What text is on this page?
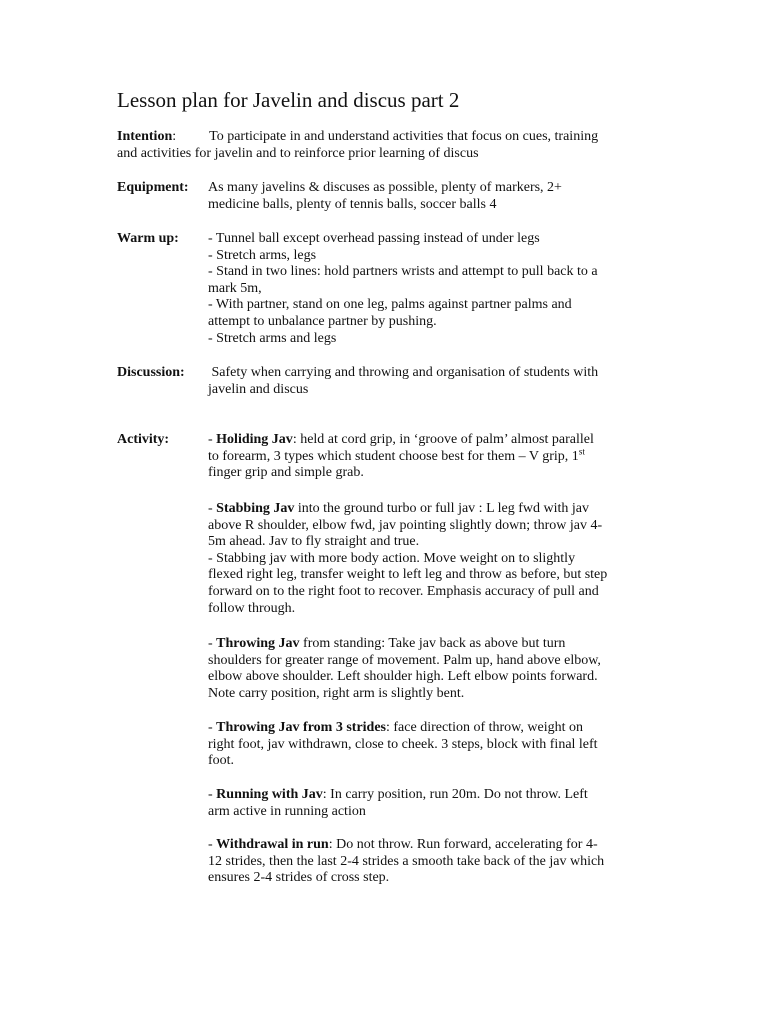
Lesson plan for Javelin and discus part 2
Intention: To participate in and understand activities that focus on cues, training
and activities for javelin and to reinforce prior learning of discus
Equipment: As many javelins & discuses as possible, plenty of markers, 2+
medicine balls, plenty of tennis balls, soccer balls 4
Warm up: - Tunnel ball except overhead passing instead of under legs
- Stretch arms, legs
- Stand in two lines: hold partners wrists and attempt to pull back to a
mark 5m,
- With partner, stand on one leg, palms against partner palms and
attempt to unbalance partner by pushing.
- Stretch arms and legs
Discussion: Safety when carrying and throwing and organisation of students with
javelin and discus
Activity:	- Holiding Jav: held at cord grip, in ‘groove of palm’ almost parallel
to forearm, 3 types which student choose best for them – V grip, 1st
finger grip and simple grab.
- Stabbing Jav into the ground turbo or full jav : L leg fwd with jav
above R shoulder, elbow fwd, jav pointing slightly down; throw jav 4-
5m ahead. Jav to fly straight and true.
- Stabbing jav with more body action. Move weight on to slightly
flexed right leg, transfer weight to left leg and throw as before, but step
forward on to the right foot to recover. Emphasis accuracy of pull and
follow through.
- Throwing Jav from standing: Take jav back as above but turn
shoulders for greater range of movement. Palm up, hand above elbow,
elbow above shoulder. Left shoulder high. Left elbow points forward.
Note carry position, right arm is slightly bent.
- Throwing Jav from 3 strides: face direction of throw, weight on
right foot, jav withdrawn, close to cheek. 3 steps, block with final left
foot.
- Running with Jav: In carry position, run 20m. Do not throw. Left
arm active in running action
- Withdrawal in run: Do not throw. Run forward, accelerating for 4-
12 strides, then the last 2-4 strides a smooth take back of the jav which
ensures 2-4 strides of cross step.
